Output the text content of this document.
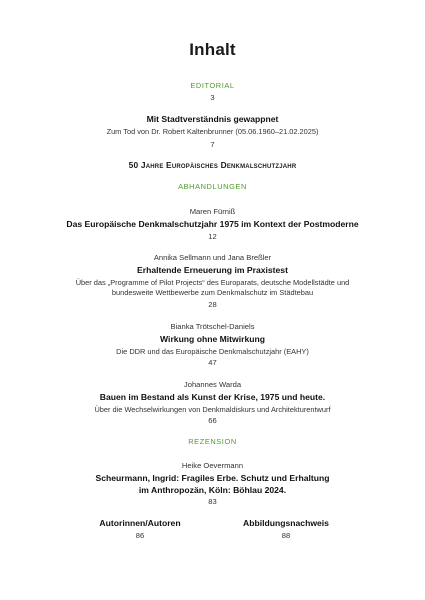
Inhalt

EDITORIAL

3

Mit Stadtverständnis gewappnet

Zum Tod von Dr. Robert Kaltenbrunner (05.06.1960–21.02.2025)

7

50 Jahre Europäisches Denkmalschutzjahr

ABHANDLUNGEN

Maren Fürniß

Das Europäische Denkmalschutzjahr 1975 im Kontext der Postmoderne

12

Annika Sellmann und Jana Breßler

Erhaltende Erneuerung im Praxistest

Über das „Programme of Pilot Projects“ des Europarats, deutsche Modellstädte und

bundesweite Wettbewerbe zum Denkmalschutz im Städtebau

28

Bianka Trötschel-Daniels

Wirkung ohne Mitwirkung

Die DDR und das Europäische Denkmalschutzjahr (EAHY)

47

Johannes Warda

Bauen im Bestand als Kunst der Krise, 1975 und heute.

Über die Wechselwirkungen von Denkmaldiskurs und Architekturentwurf

66

REZENSION

Heike Oevermann

Scheurmann, Ingrid: Fragiles Erbe. Schutz und Erhaltung

im Anthropozän, Köln: Böhlau 2024.

83

Autorinnen/Autoren

86

Abbildungsnachweis

88
